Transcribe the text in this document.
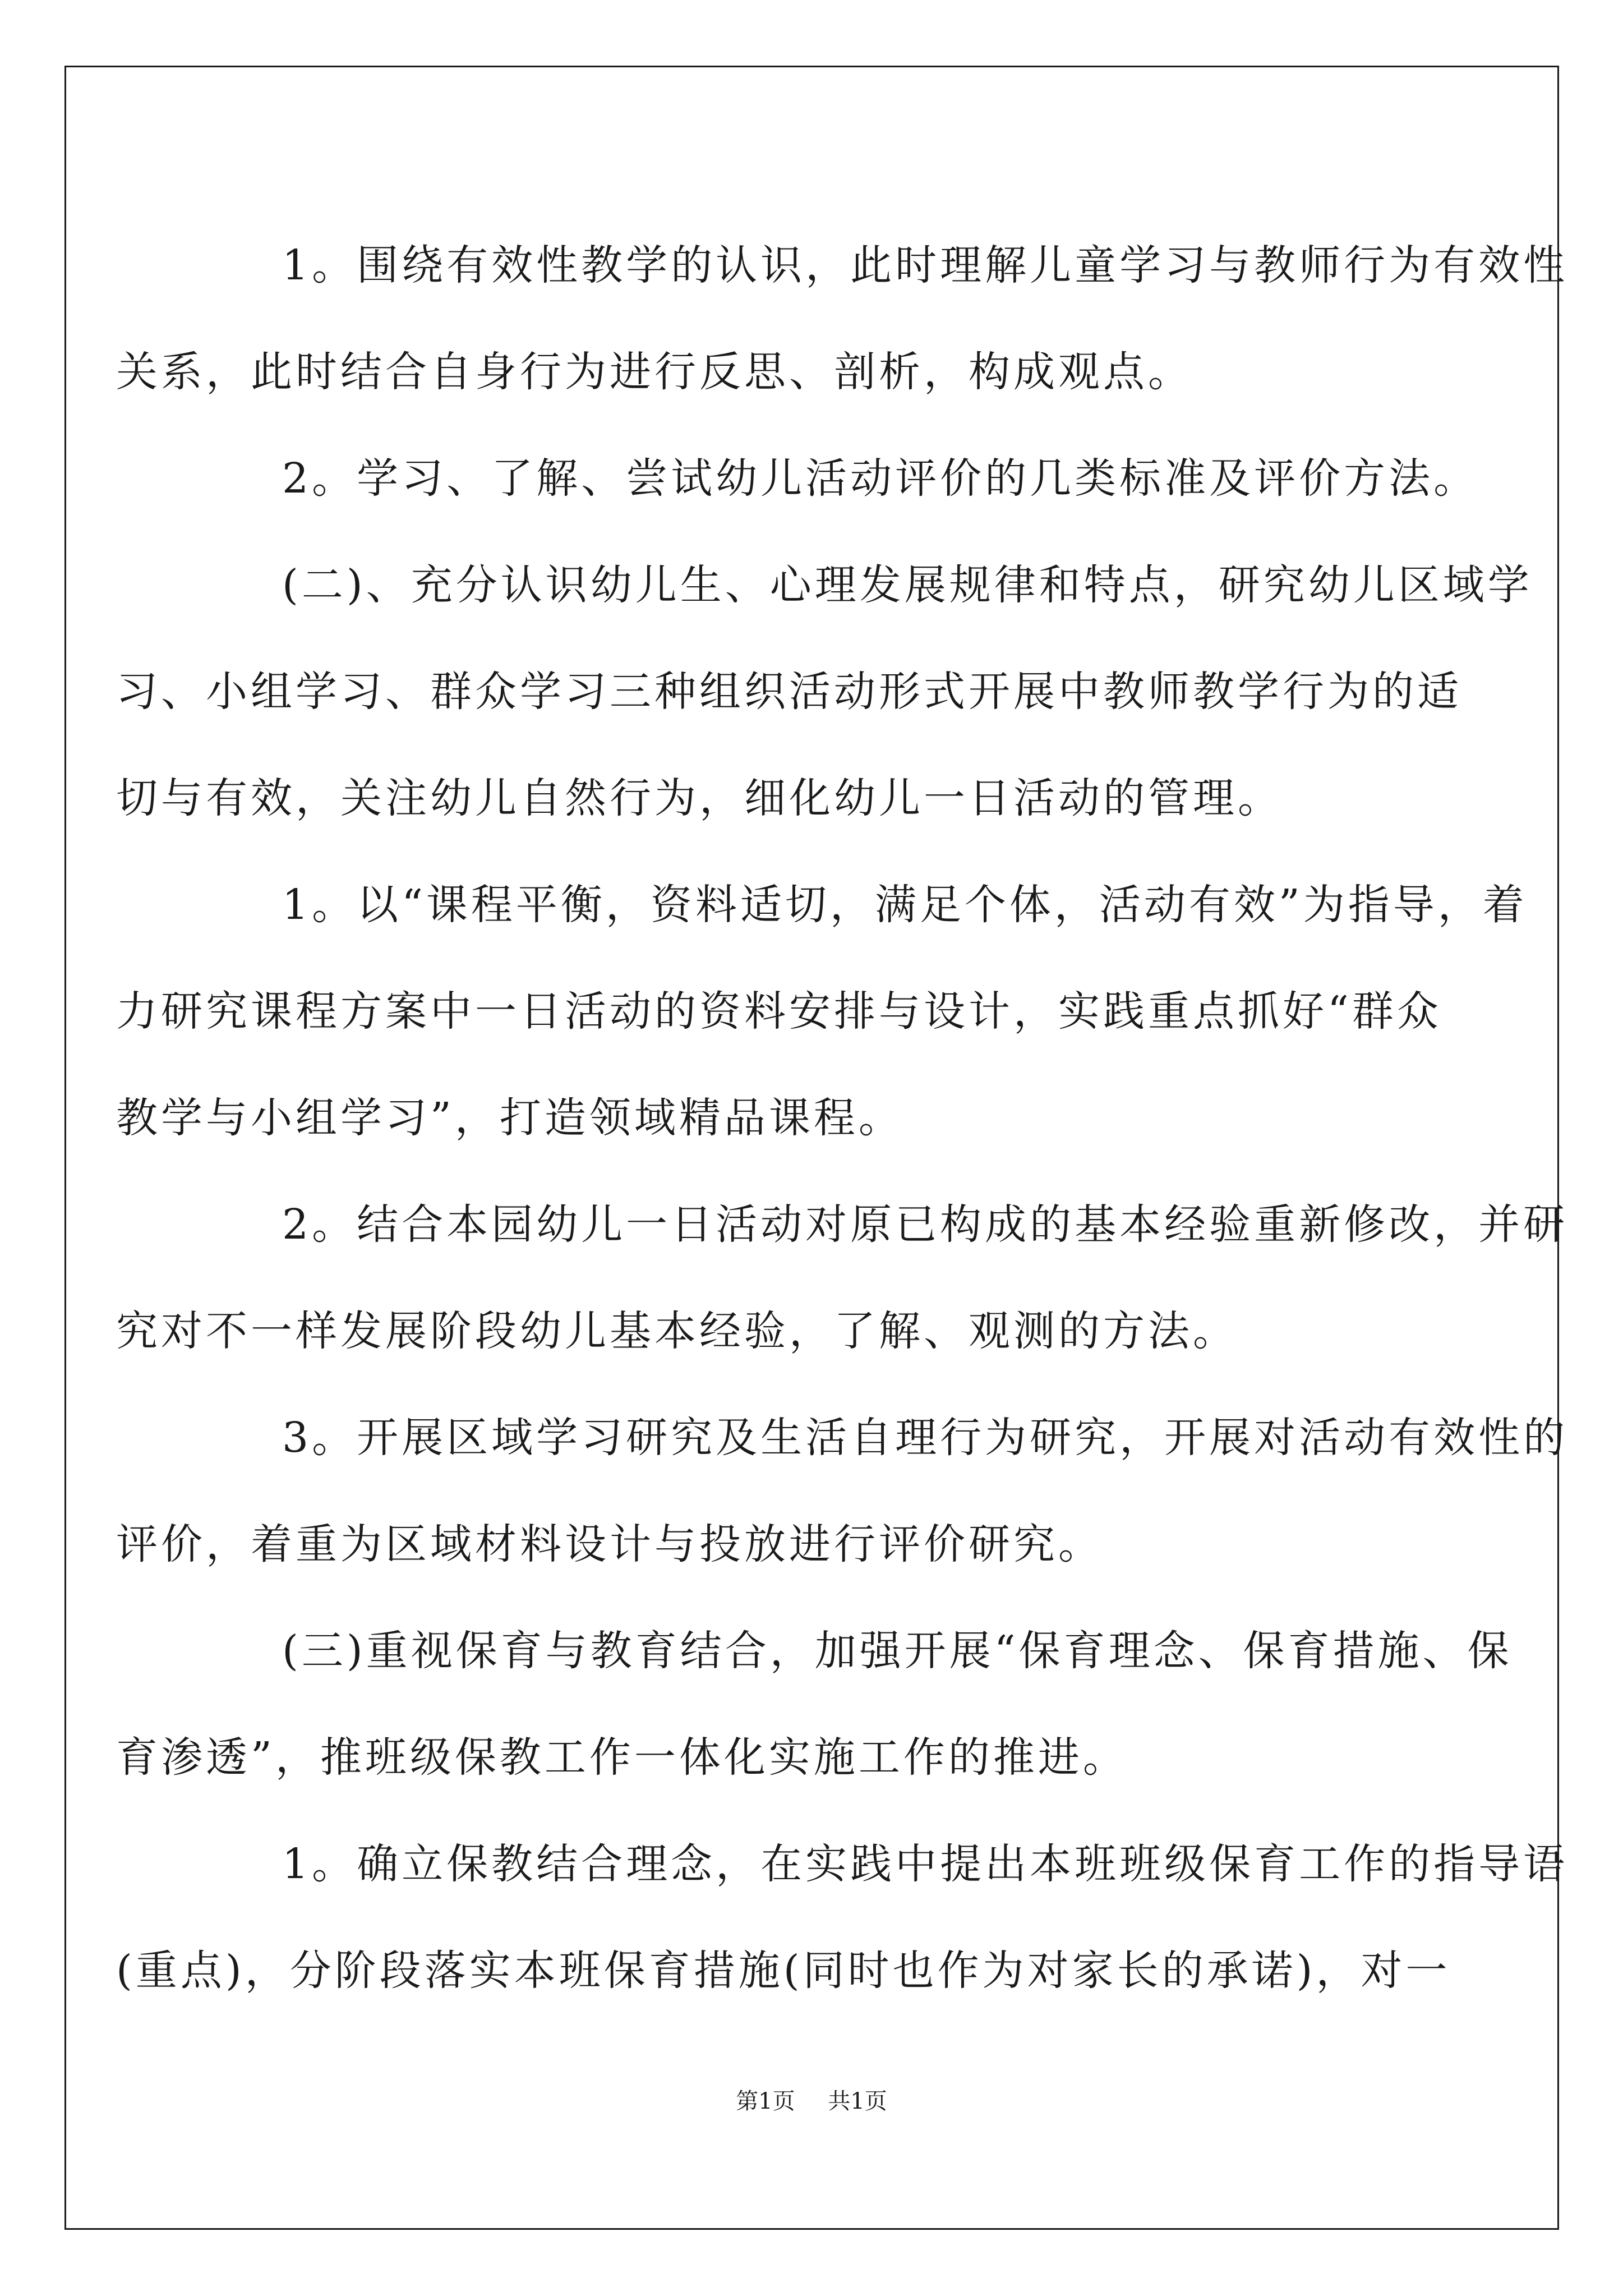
1。围绕有效性教学的认识，此时理解儿童学习与教师行为有效性
关系，此时结合自身行为进行反思、剖析，构成观点。

2。学习、了解、尝试幼儿活动评价的几类标准及评价方法。

(二)、充分认识幼儿生、心理发展规律和特点，研究幼儿区域学
习、小组学习、群众学习三种组织活动形式开展中教师教学行为的适
切与有效，关注幼儿自然行为，细化幼儿一日活动的管理。

1。以“课程平衡，资料适切，满足个体，活动有效”为指导，着
力研究课程方案中一日活动的资料安排与设计，实践重点抓好“群众
教学与小组学习”，打造领域精品课程。

2。结合本园幼儿一日活动对原已构成的基本经验重新修改，并研
究对不一样发展阶段幼儿基本经验，了解、观测的方法。

3。开展区域学习研究及生活自理行为研究，开展对活动有效性的
评价，着重为区域材料设计与投放进行评价研究。

(三)重视保育与教育结合，加强开展“保育理念、保育措施、保
育渗透”，推班级保教工作一体化实施工作的推进。

1。确立保教结合理念，在实践中提出本班班级保育工作的指导语
(重点)，分阶段落实本班保育措施(同时也作为对家长的承诺)，对一

第1页 共1页
